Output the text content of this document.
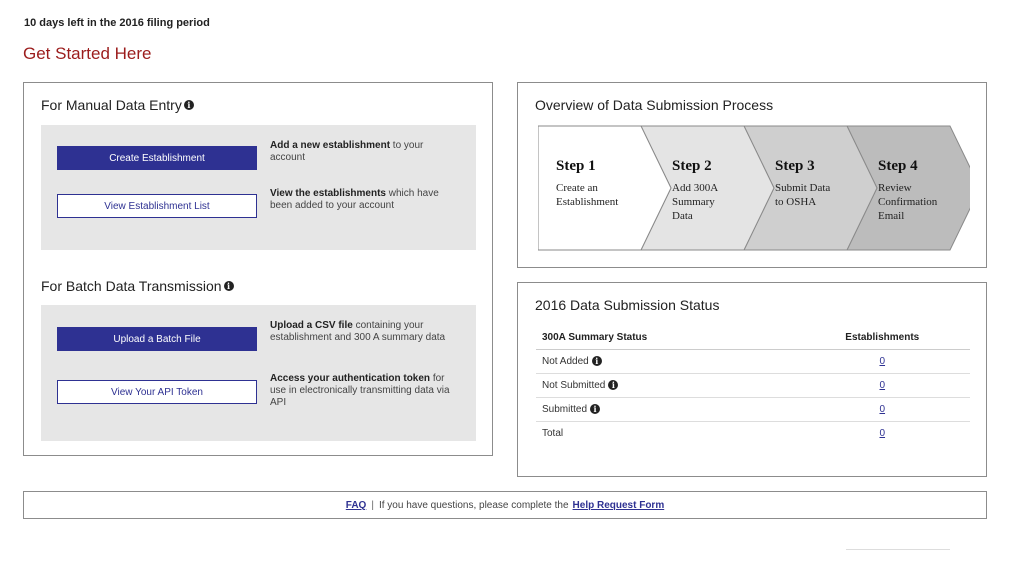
10 days left in the 2016 filing period
Get Started Here
For Manual Data Entry i
Create Establishment
Add a new establishment to your account
View Establishment List
View the establishments which have been added to your account
For Batch Data Transmission i
Upload a Batch File
Upload a CSV file containing your establishment and 300 A summary data
View Your API Token
Access your authentication token for use in electronically transmitting data via API
Overview of Data Submission Process
Step 4
Review
Confirmation
Email
Step 3
Submit Data
to OSHA
Step 2
Add 300A
Summary
Data
Step 1
Create an
Establishment
2016 Data Submission Status
300A Summary Status	Establishments
Not Added i	0
Not Submitted i	0
Submitted i	0
Total	0
FAQ | If you have questions, please complete the Help Request Form
